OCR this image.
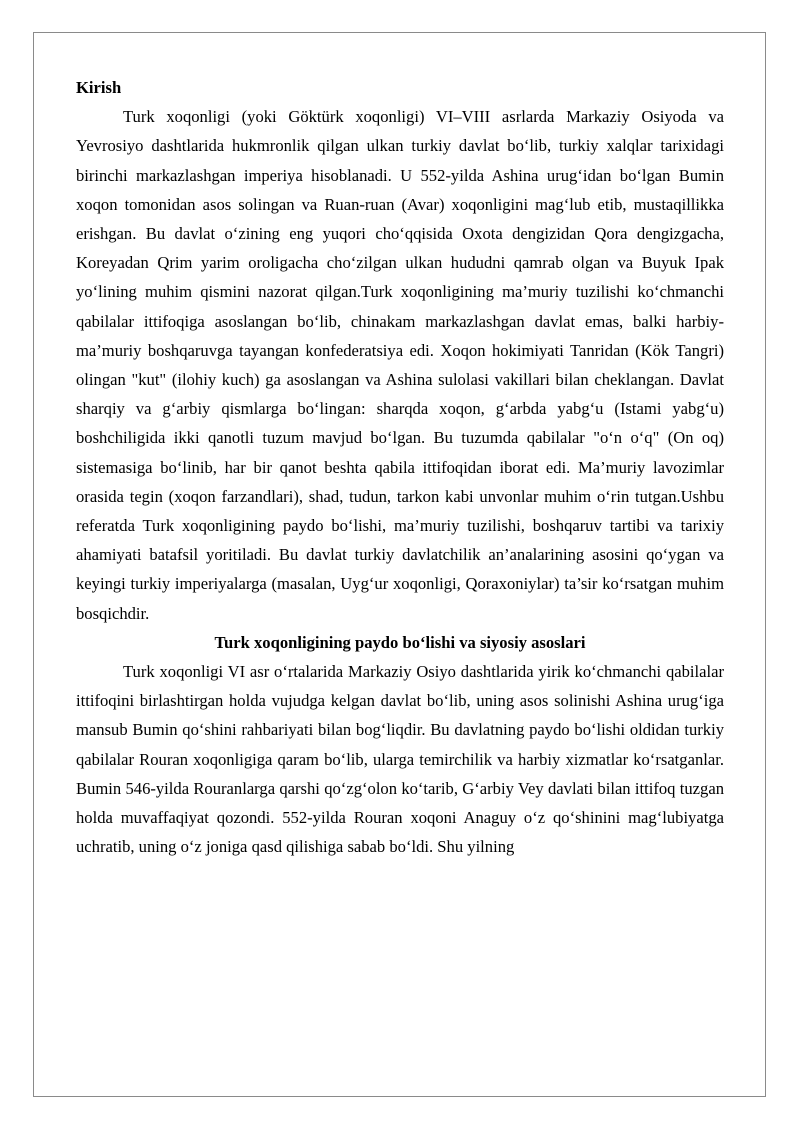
Kirish

Turk xoqonligi (yoki Göktürk xoqonligi) VI–VIII asrlarda Markaziy Osiyoda va Yevrosiyo dashtlarida hukmronlik qilgan ulkan turkiy davlat bo‘lib, turkiy xalqlar tarixidagi birinchi markazlashgan imperiya hisoblanadi. U 552-yilda Ashina urug‘idan bo‘lgan Bumin xoqon tomonidan asos solingan va Ruan-ruan (Avar) xoqonligini mag‘lub etib, mustaqillikka erishgan. Bu davlat o‘zining eng yuqori cho‘qqisida Oxota dengizidan Qora dengizgacha, Koreyadan Qrim yarim oroligacha cho‘zilgan ulkan hududni qamrab olgan va Buyuk Ipak yo‘lining muhim qismini nazorat qilgan.Turk xoqonligining ma’muriy tuzilishi ko‘chmanchi qabilalar ittifoqiga asoslangan bo‘lib, chinakam markazlashgan davlat emas, balki harbiy-ma’muriy boshqaruvga tayangan konfederatsiya edi. Xoqon hokimiyati Tanridan (Kök Tangri) olingan "kut" (ilohiy kuch) ga asoslangan va Ashina sulolasi vakillari bilan cheklangan. Davlat sharqiy va g‘arbiy qismlarga bo‘lingan: sharqda xoqon, g‘arbda yabg‘u (Istami yabg‘u) boshchiligida ikki qanotli tuzum mavjud bo‘lgan. Bu tuzumda qabilalar "o‘n o‘q" (On oq) sistemasiga bo‘linib, har bir qanot beshta qabila ittifoqidan iborat edi. Ma’muriy lavozimlar orasida tegin (xoqon farzandlari), shad, tudun, tarkon kabi unvonlar muhim o‘rin tutgan.Ushbu referatda Turk xoqonligining paydo bo‘lishi, ma’muriy tuzilishi, boshqaruv tartibi va tarixiy ahamiyati batafsil yoritiladi. Bu davlat turkiy davlatchilik an’analarining asosini qo‘ygan va keyingi turkiy imperiyalarga (masalan, Uyg‘ur xoqonligi, Qoraxoniylar) ta’sir ko‘rsatgan muhim bosqichdir.

Turk xoqonligining paydo bo‘lishi va siyosiy asoslari

Turk xoqonligi VI asr o‘rtalarida Markaziy Osiyo dashtlarida yirik ko‘chmanchi qabilalar ittifoqini birlashtirgan holda vujudga kelgan davlat bo‘lib, uning asos solinishi Ashina urug‘iga mansub Bumin qo‘shini rahbariyati bilan bog‘liqdir. Bu davlatning paydo bo‘lishi oldidan turkiy qabilalar Rouran xoqonligiga qaram bo‘lib, ularga temirchilik va harbiy xizmatlar ko‘rsatganlar. Bumin 546-yilda Rouranlarga qarshi qo‘zg‘olon ko‘tarib, G‘arbiy Vey davlati bilan ittifoq tuzgan holda muvaffaqiyat qozondi. 552-yilda Rouran xoqoni Anaguy o‘z qo‘shinini mag‘lubiyatga uchratib, uning o‘z joniga qasd qilishiga sabab bo‘ldi. Shu yilning
